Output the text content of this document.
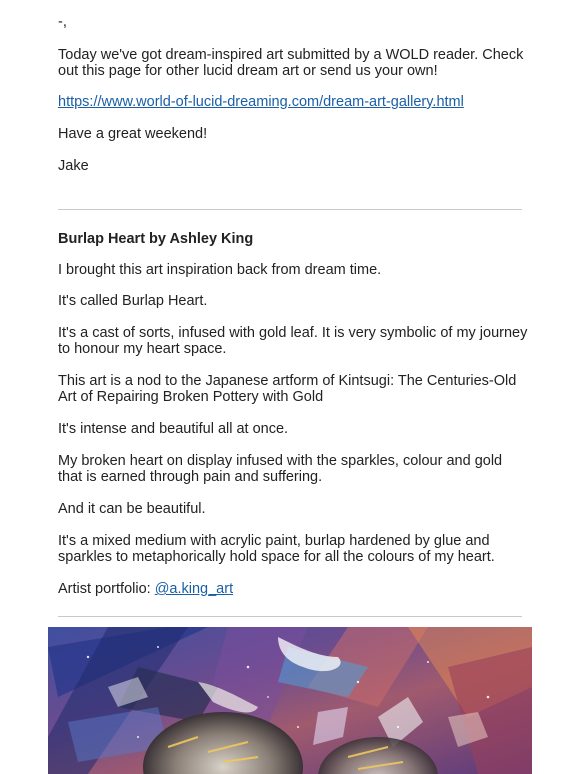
-,

Today we've got dream-inspired art submitted by a WOLD reader. Check out this page for other lucid dream art or send us your own!

https://www.world-of-lucid-dreaming.com/dream-art-gallery.html

Have a great weekend!

Jake

Burlap Heart by Ashley King

I brought this art inspiration back from dream time.

It's called Burlap Heart.

It's a cast of sorts, infused with gold leaf. It is very symbolic of my journey to honour my heart space.

This art is a nod to the Japanese artform of Kintsugi: The Centuries-Old Art of Repairing Broken Pottery with Gold

It's intense and beautiful all at once.

My broken heart on display infused with the sparkles, colour and gold that is earned through pain and suffering.

And it can be beautiful.

It's a mixed medium with acrylic paint, burlap hardened by glue and sparkles to metaphorically hold space for all the colours of my heart.

Artist portfolio: @a.king_art
